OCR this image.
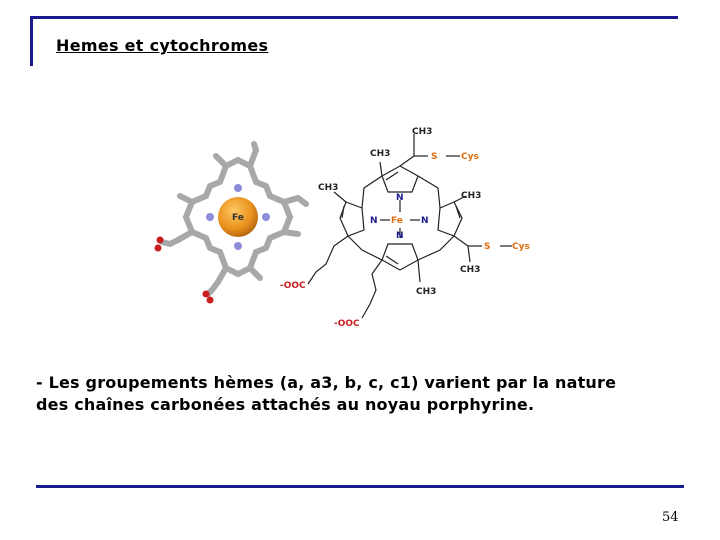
Hemes et cytochromes
Fe
CH3
S	Cys
CH3
CH3
CH3
N
N Fe N
N
S Cys
CH3
CH3
-OOC
-OOC
- Les groupements hèmes (a, a3, b, c, c1) varient par la nature
des chaînes carbonées attachés au noyau porphyrine.
54
